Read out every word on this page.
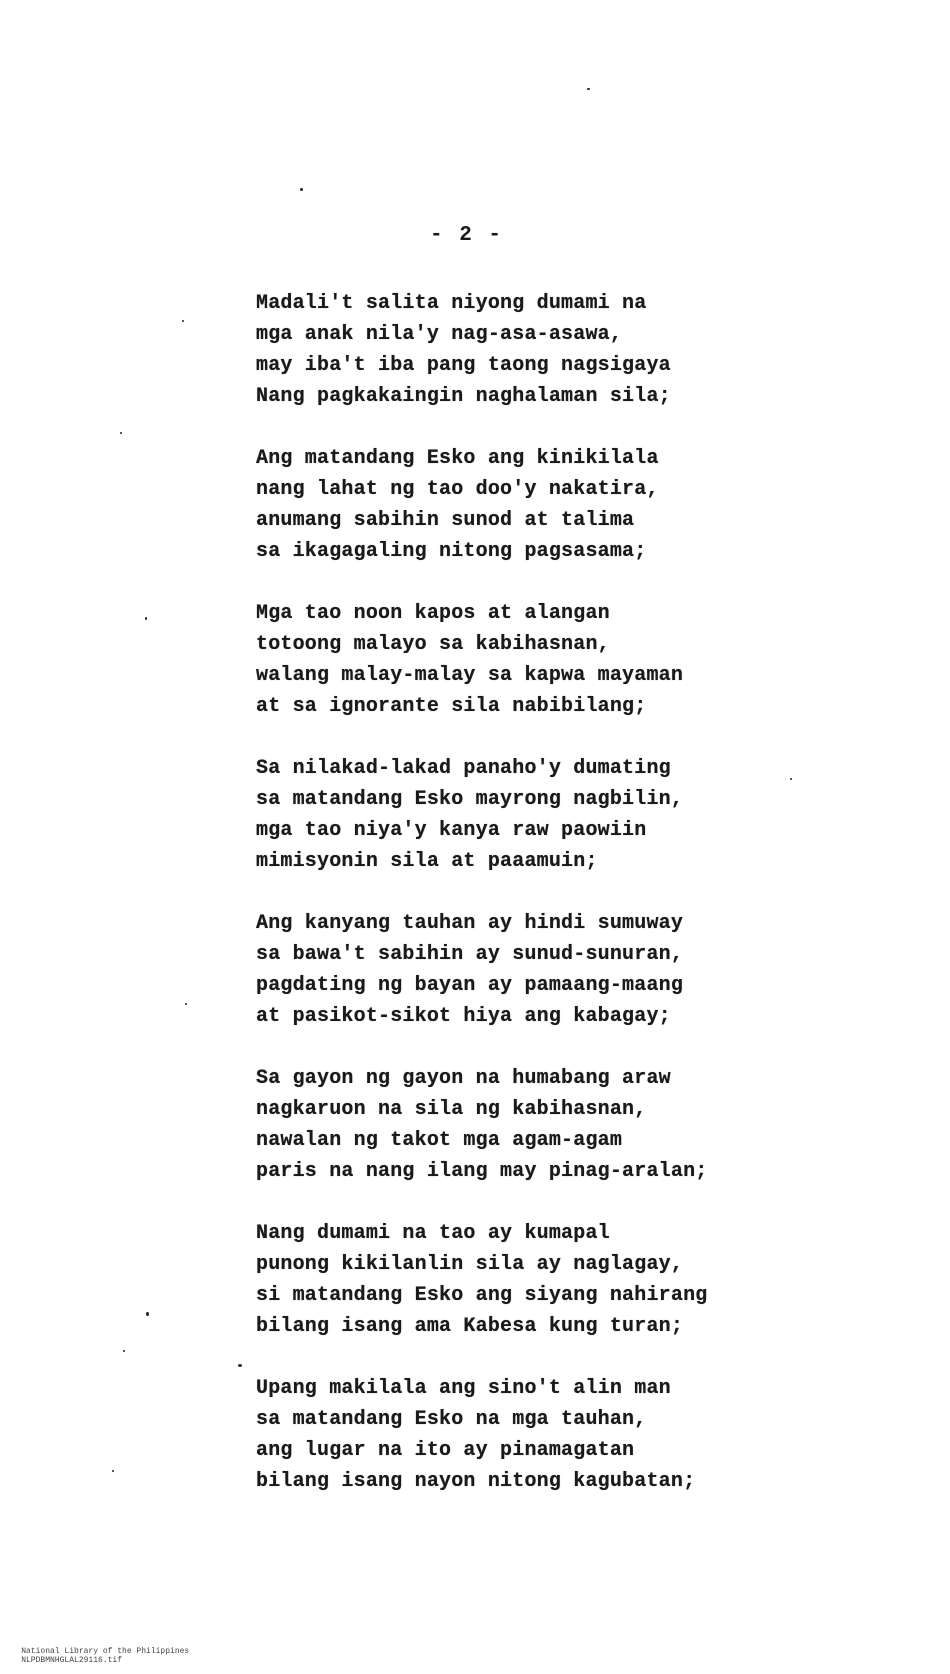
- 2 -
Madali't salita niyong dumami na
mga anak nila'y nag-asa-asawa,
may iba't iba pang taong nagsigaya
Nang pagkakaingin naghalaman sila;
Ang matandang Esko ang kinikilala
nang lahat ng tao doo'y nakatira,
anumang sabihin sunod at talima
sa ikagagaling nitong pagsasama;
Mga tao noon kapos at alangan
totoong malayo sa kabihasnan,
walang malay-malay sa kapwa mayaman
at sa ignorante sila nabibilang;
Sa nilakad-lakad panaho'y dumating
sa matandang Esko mayrong nagbilin,
mga tao niya'y kanya raw paowiin
mimisyonin sila at paaamuin;
Ang kanyang tauhan ay hindi sumuway
sa bawa't sabihin ay sunud-sunuran,
pagdating ng bayan ay pamaang-maang
at pasikot-sikot hiya ang kabagay;
Sa gayon ng gayon na humabang araw
nagkaruon na sila ng kabihasnan,
nawalan ng takot mga agam-agam
paris na nang ilang may pinag-aralan;
Nang dumami na tao ay kumapal
punong kikilanlin sila ay naglagay,
si matandang Esko ang siyang nahirang
bilang isang ama Kabesa kung turan;
Upang makilala ang sino't alin man
sa matandang Esko na mga tauhan,
ang lugar na ito ay pinamagatan
bilang isang nayon nitong kagubatan;

National Library of the Philippines
NLPDBMNHGLAL29116.tif
